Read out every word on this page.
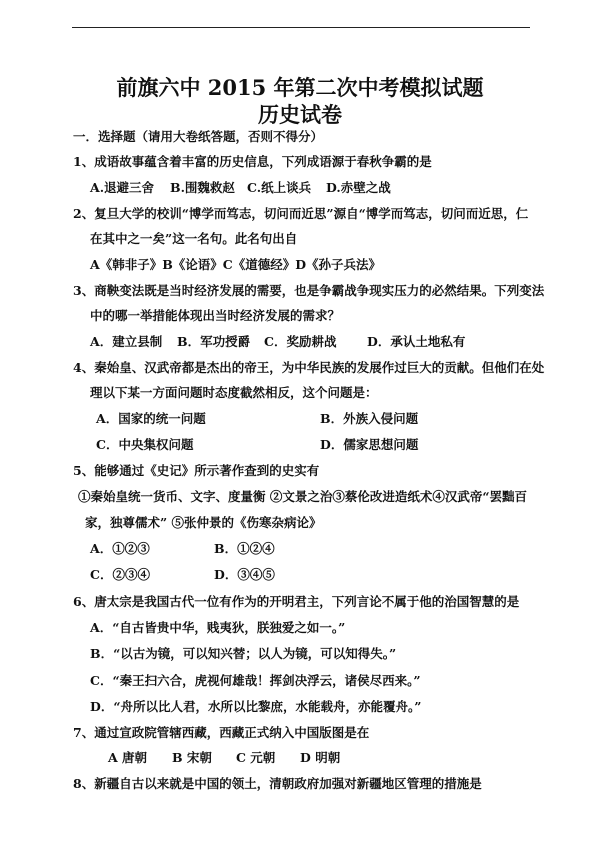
前旗六中 2015 年第二次中考模拟试题
历史试卷
一．选择题（请用大卷纸答题，否则不得分）
1、成语故事蕴含着丰富的历史信息，下列成语源于春秋争霸的是
A.退避三舍 B.围魏救赵 C.纸上谈兵 D.赤壁之战
2、复旦大学的校训“博学而笃志，切问而近思”源自“博学而笃志，切问而近思，仁
在其中之一矣”这一名句。此名句出自
A《韩非子》B《论语》C《道德经》D《孙子兵法》
3、商鞅变法既是当时经济发展的需要，也是争霸战争现实压力的必然结果。下列变法
中的哪一举措能体现出当时经济发展的需求？
A．建立县制 B．军功授爵 C．奖励耕战 D．承认土地私有
4、秦始皇、汉武帝都是杰出的帝王，为中华民族的发展作过巨大的贡献。但他们在处
理以下某一方面问题时态度截然相反，这个问题是：
A．国家的统一问题	B．外族入侵问题
C．中央集权问题	D．儒家思想问题
5、能够通过《史记》所示著作查到的史实有
①秦始皇统一货币、文字、度量衡 ②文景之治③蔡伦改进造纸术④汉武帝“罢黜百
家，独尊儒术” ⑤张仲景的《伤寒杂病论》
A．①②③	B．①②④
C．②③④	D．③④⑤
6、唐太宗是我国古代一位有作为的开明君主，下列言论不属于他的治国智慧的是
A．“自古皆贵中华，贱夷狄，朕独爱之如一。”
B．“以古为镜，可以知兴替；以人为镜，可以知得失。”
C．“秦王扫六合，虎视何雄哉！挥剑决浮云，诸侯尽西来。”
D．“舟所以比人君，水所以比黎庶，水能载舟，亦能覆舟。”
7、通过宣政院管辖西藏，西藏正式纳入中国版图是在
A 唐朝 B 宋朝 C 元朝 D 明朝
8、新疆自古以来就是中国的领土，清朝政府加强对新疆地区管理的措施是
